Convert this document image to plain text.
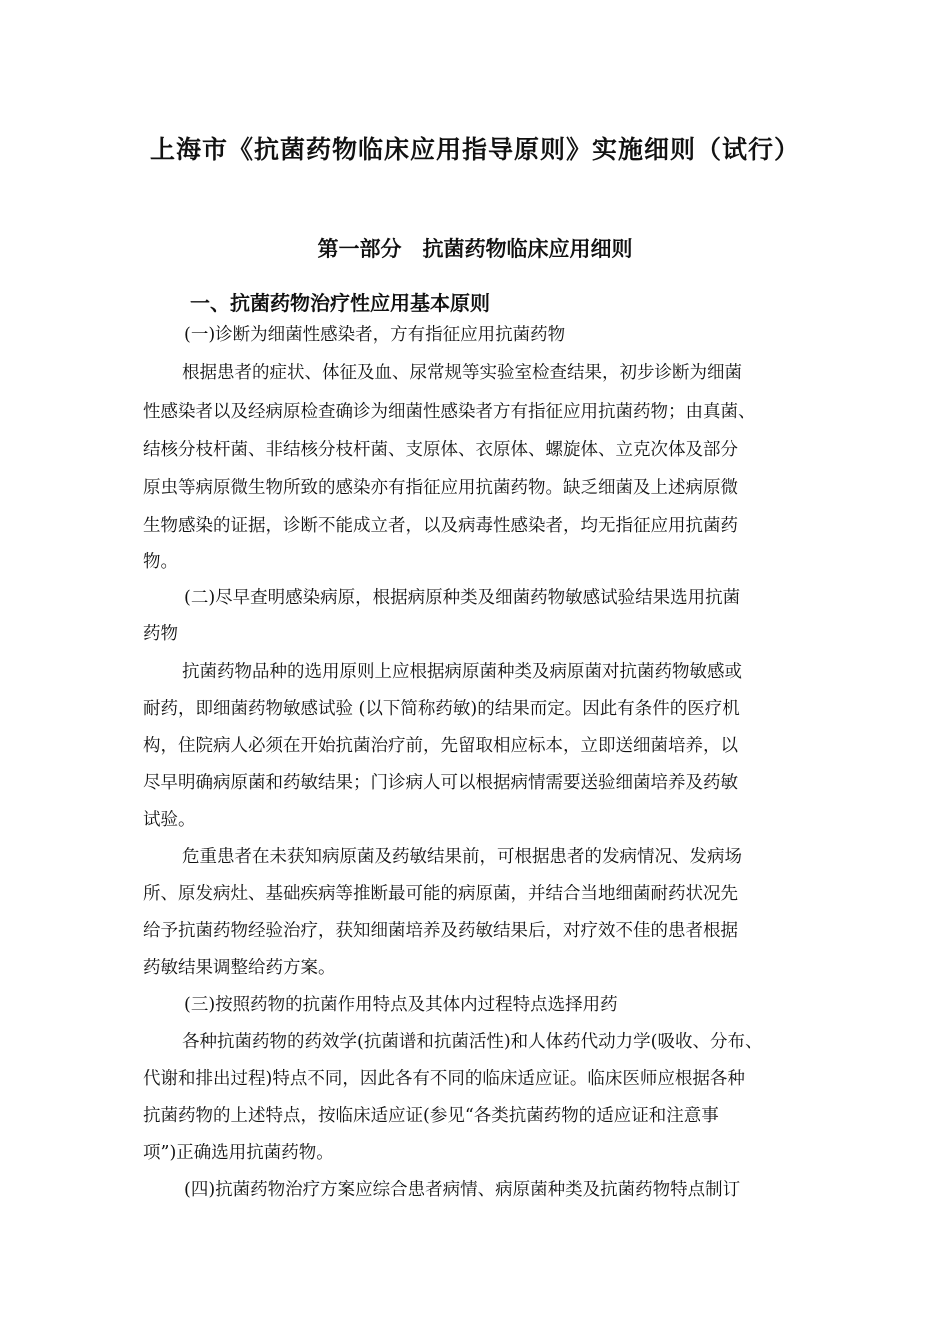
上海市《抗菌药物临床应用指导原则》实施细则（试行）
第一部分　抗菌药物临床应用细则
一、抗菌药物治疗性应用基本原则
(一)诊断为细菌性感染者，方有指征应用抗菌药物
根据患者的症状、体征及血、尿常规等实验室检查结果，初步诊断为细菌
性感染者以及经病原检查确诊为细菌性感染者方有指征应用抗菌药物；由真菌、
结核分枝杆菌、非结核分枝杆菌、支原体、衣原体、螺旋体、立克次体及部分
原虫等病原微生物所致的感染亦有指征应用抗菌药物。缺乏细菌及上述病原微
生物感染的证据，诊断不能成立者，以及病毒性感染者，均无指征应用抗菌药
物。
(二)尽早查明感染病原，根据病原种类及细菌药物敏感试验结果选用抗菌
药物
抗菌药物品种的选用原则上应根据病原菌种类及病原菌对抗菌药物敏感或
耐药，即细菌药物敏感试验 (以下简称药敏)的结果而定。因此有条件的医疗机
构，住院病人必须在开始抗菌治疗前，先留取相应标本，立即送细菌培养，以
尽早明确病原菌和药敏结果；门诊病人可以根据病情需要送验细菌培养及药敏
试验。
危重患者在未获知病原菌及药敏结果前，可根据患者的发病情况、发病场
所、原发病灶、基础疾病等推断最可能的病原菌，并结合当地细菌耐药状况先
给予抗菌药物经验治疗，获知细菌培养及药敏结果后，对疗效不佳的患者根据
药敏结果调整给药方案。
(三)按照药物的抗菌作用特点及其体内过程特点选择用药
各种抗菌药物的药效学(抗菌谱和抗菌活性)和人体药代动力学(吸收、分布、
代谢和排出过程)特点不同，因此各有不同的临床适应证。临床医师应根据各种
抗菌药物的上述特点，按临床适应证(参见“各类抗菌药物的适应证和注意事
项”)正确选用抗菌药物。
(四)抗菌药物治疗方案应综合患者病情、病原菌种类及抗菌药物特点制订
